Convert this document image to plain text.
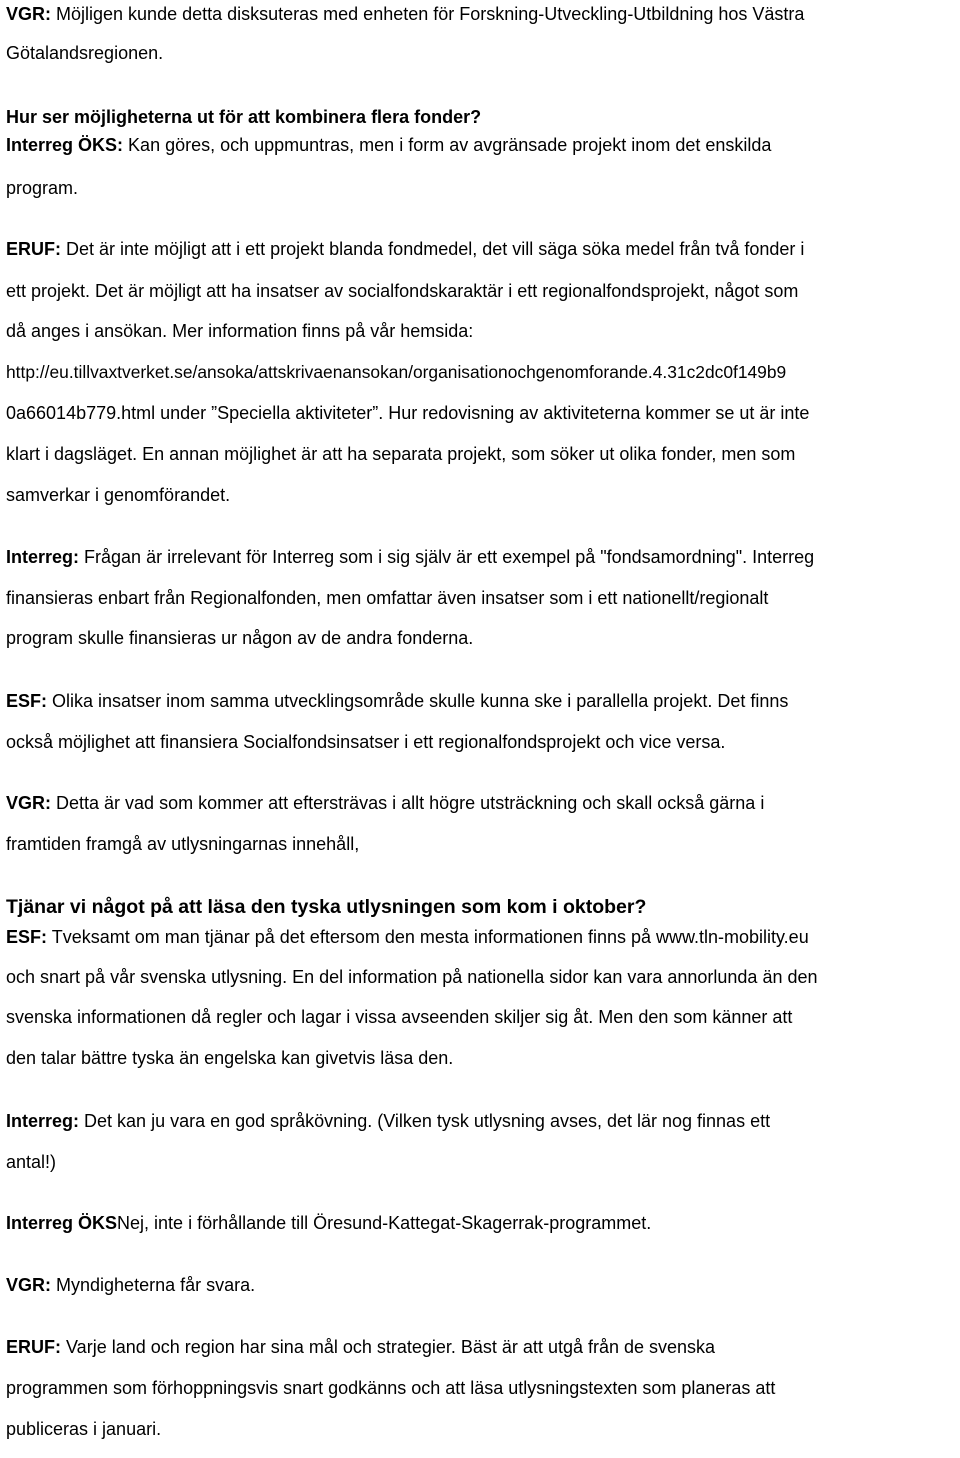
VGR: Möjligen kunde detta disksuteras med enheten för Forskning-Utveckling-Utbildning hos Västra
Götalandsregionen.
Hur ser möjligheterna ut för att kombinera flera fonder?
Interreg ÖKS: Kan göres, och uppmuntras, men i form av avgränsade projekt inom det enskilda
program.
ERUF: Det är inte möjligt att i ett projekt blanda fondmedel, det vill säga söka medel från två fonder i
ett projekt. Det är möjligt att ha insatser av socialfondskaraktär i ett regionalfondsprojekt, något som
då anges i ansökan. Mer information finns på vår hemsida:
http://eu.tillvaxtverket.se/ansoka/attskrivaenansokan/organisationochgenomforande.4.31c2dc0f149b9
0a66014b779.html under ”Speciella aktiviteter”. Hur redovisning av aktiviteterna kommer se ut är inte
klart i dagsläget. En annan möjlighet är att ha separata projekt, som söker ut olika fonder, men som
samverkar i genomförandet.
Interreg: Frågan är irrelevant för Interreg som i sig själv är ett exempel på "fondsamordning". Interreg
finansieras enbart från Regionalfonden, men omfattar även insatser som i ett nationellt/regionalt
program skulle finansieras ur någon av de andra fonderna.
ESF: Olika insatser inom samma utvecklingsområde skulle kunna ske i parallella projekt. Det finns
också möjlighet att finansiera Socialfondsinsatser i ett regionalfondsprojekt och vice versa.
VGR: Detta är vad som kommer att eftersträvas i allt högre utsträckning och skall också gärna i
framtiden framgå av utlysningarnas innehåll,
Tjänar vi något på att läsa den tyska utlysningen som kom i oktober?
ESF: Tveksamt om man tjänar på det eftersom den mesta informationen finns på www.tln-mobility.eu
och snart på vår svenska utlysning. En del information på nationella sidor kan vara annorlunda än den
svenska informationen då regler och lagar i vissa avseenden skiljer sig åt. Men den som känner att
den talar bättre tyska än engelska kan givetvis läsa den.
Interreg: Det kan ju vara en god språkövning. (Vilken tysk utlysning avses, det lär nog finnas ett
antal!)
Interreg ÖKSNej, inte i förhållande till Öresund-Kattegat-Skagerrak-programmet.
VGR: Myndigheterna får svara.
ERUF: Varje land och region har sina mål och strategier. Bäst är att utgå från de svenska
programmen som förhoppningsvis snart godkänns och att läsa utlysningstexten som planeras att
publiceras i januari.
